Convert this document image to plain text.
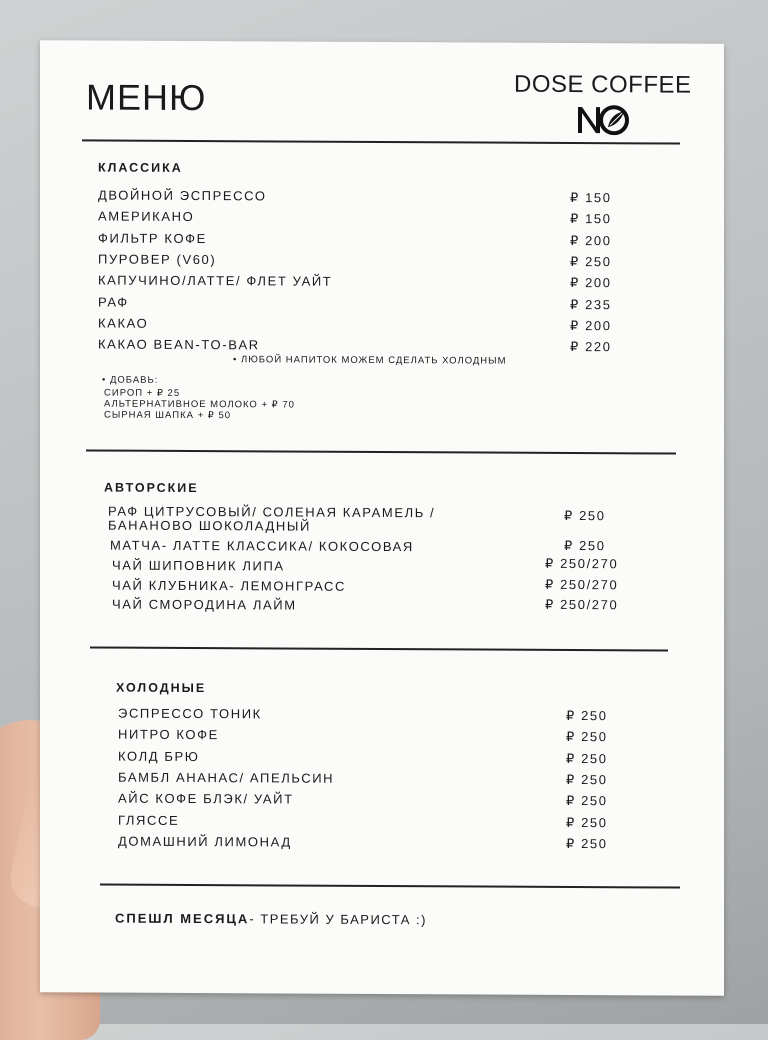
МЕНЮ	DOSE COFFEE
КЛАССИКА
ДВОЙНОЙ ЭСПРЕССО	₽ 150
АМЕРИКАНО	₽ 150
ФИЛЬТР КОФЕ	₽ 200
ПУРОВЕР (V60)	₽ 250
КАПУЧИНО/ЛАТТЕ/ ФЛЕТ УАЙТ	₽ 200
РАФ	₽ 235
КАКАО	₽ 200
КАКАО BEAN-TO-BAR	₽ 220
• ЛЮБОЙ НАПИТОК МОЖЕМ СДЕЛАТЬ ХОЛОДНЫМ
• ДОБАВЬ:
СИРОП + ₽ 25
АЛЬТЕРНАТИВНОЕ МОЛОКО + ₽ 70
СЫРНАЯ ШАПКА + ₽ 50
АВТОРСКИЕ
РАФ ЦИТРУСОВЫЙ/ СОЛЕНАЯ КАРАМЕЛЬ /
БАНАНОВО ШОКОЛАДНЫЙ
₽ 250
МАТЧА- ЛАТТЕ КЛАССИКА/ КОКОСОВАЯ	₽ 250
ЧАЙ ШИПОВНИК ЛИПА	₽ 250/270
ЧАЙ КЛУБНИКА- ЛЕМОНГРАСС	₽ 250/270
ЧАЙ СМОРОДИНА ЛАЙМ	₽ 250/270
ХОЛОДНЫЕ
ЭСПРЕССО ТОНИК	₽ 250
НИТРО КОФЕ	₽ 250
КОЛД БРЮ	₽ 250
БАМБЛ АНАНАС/ АПЕЛЬСИН	₽ 250
АЙС КОФЕ БЛЭК/ УАЙТ	₽ 250
ГЛЯССЕ	₽ 250
ДОМАШНИЙ ЛИМОНАД	₽ 250
СПЕШЛ МЕСЯЦА- ТРЕБУЙ У БАРИСТА :)
